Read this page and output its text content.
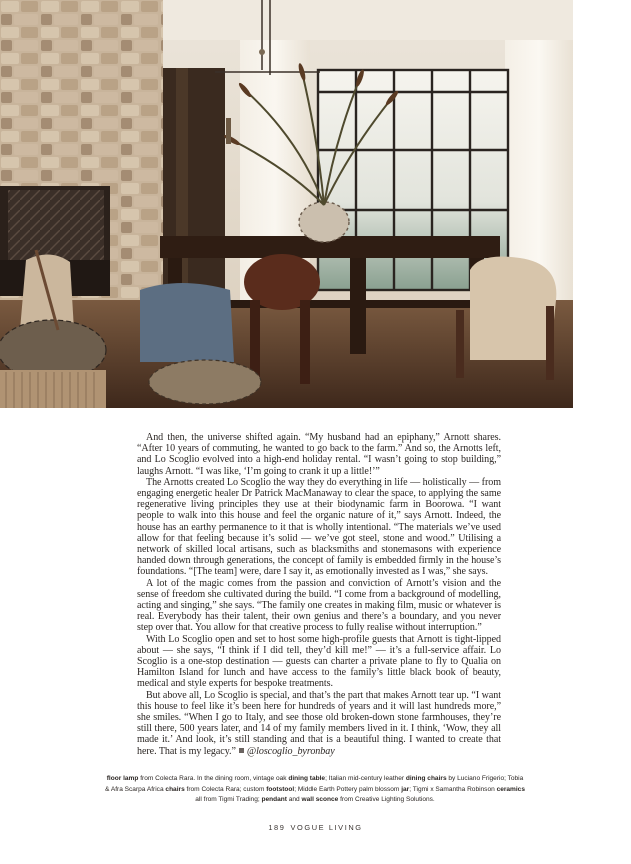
And then, the universe shifted again. “My husband had an epiphany,” Arnott shares. “After 10 years of commuting, he wanted to go back to the farm.” And so, the Arnotts left, and Lo Scoglio evolved into a high-end holiday rental. “I wasn’t going to stop building,” laughs Arnott. “I was like, ‘I’m going to crank it up a little!’”

The Arnotts created Lo Scoglio the way they do everything in life — holistically — from engaging energetic healer Dr Patrick MacManaway to clear the space, to applying the same regenerative living principles they use at their biodynamic farm in Boorowa. “I want people to walk into this house and feel the organic nature of it,” says Arnott. Indeed, the house has an earthy permanence to it that is wholly intentional. “The materials we’ve used allow for that feeling because it’s solid — we’ve got steel, stone and wood.” Utilising a network of skilled local artisans, such as blacksmiths and stonemasons with experience handed down through generations, the concept of family is embedded firmly in the house’s foundations. “[The team] were, dare I say it, as emotionally invested as I was,” she says.

A lot of the magic comes from the passion and conviction of Arnott’s vision and the sense of freedom she cultivated during the build. “I come from a background of modelling, acting and singing,” she says. “The family one creates in making film, music or whatever is real. Everybody has their talent, their own genius and there’s a boundary, and you never step over that. You allow for that creative process to fully realise without interruption.”

With Lo Scoglio open and set to host some high-profile guests that Arnott is tight-lipped about — she says, “I think if I did tell, they’d kill me!” — it’s a full-service affair. Lo Scoglio is a one-stop destination — guests can charter a private plane to fly to Qualia on Hamilton Island for lunch and have access to the family’s little black book of beauty, medical and style experts for bespoke treatments.

But above all, Lo Scoglio is special, and that’s the part that makes Arnott tear up. “I want this house to feel like it’s been here for hundreds of years and it will last hundreds more,” she smiles. “When I go to Italy, and see those old broken-down stone farmhouses, they’re still there, 500 years later, and 14 of my family members lived in it. I think, ‘Wow, they all made it.’ And look, it’s still standing and that is a beautiful thing. I wanted to create that here. That is my legacy.” @loscoglio_byronbay

floor lamp from Colecta Rara. In the dining room, vintage oak dining table; Italian mid-century leather dining chairs by Luciano Frigerio; Tobia & Afra Scarpa Africa chairs from Colecta Rara; custom footstool; Middle Earth Pottery palm blossom jar; Tigmi x Samantha Robinson ceramics all from Tigmi Trading; pendant and wall sconce from Creative Lighting Solutions.
189 VOGUE LIVING
